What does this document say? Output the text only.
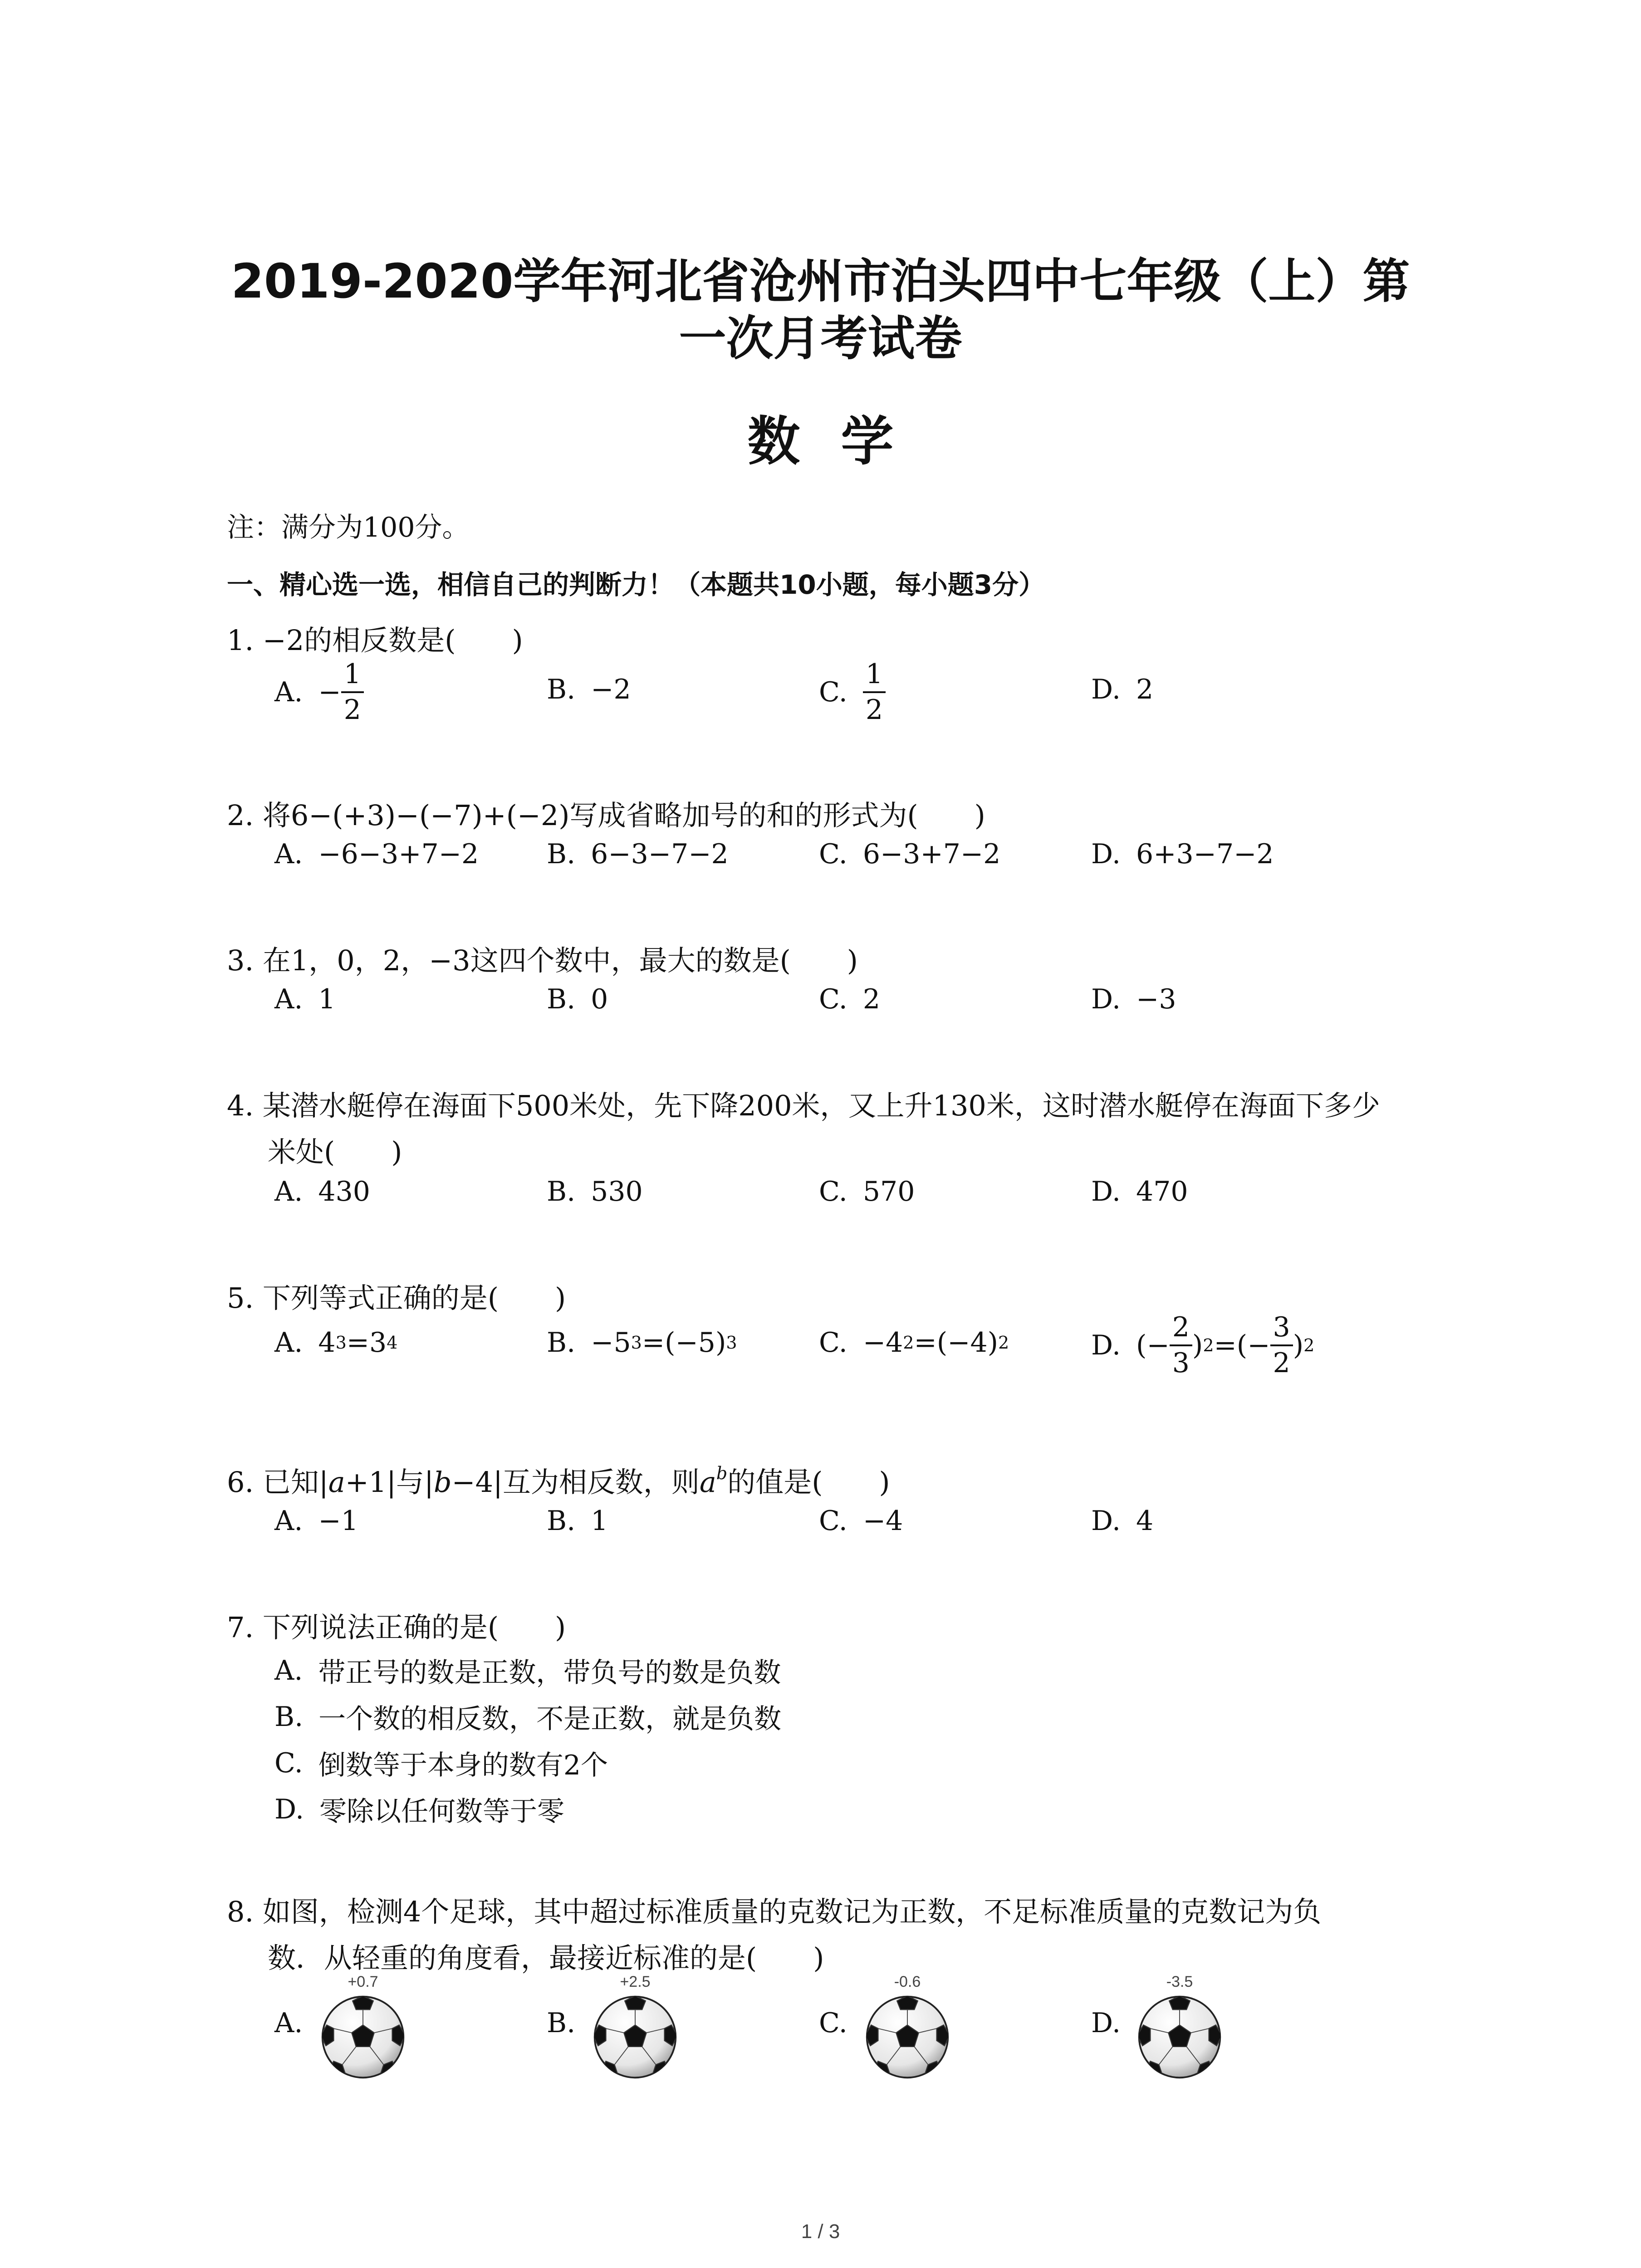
2019-2020学年河北省沧州市泊头四中七年级（上）第
一次月考试卷
数学
注：满分为100分。
一、精心选一选，相信自己的判断力！（本题共10小题，每小题3分）
1. −2的相反数是(　　)
A. − $\frac{1}{2}$	B. −2	C. $\frac{1}{2}$	D. 2
2. 将6−(+3)−(−7)+(−2)写成省略加号的和的形式为(　　)
A. −6−3+7−2 B. 6−3−7−2	C. 6−3+7−2	D. 6+3−7−2
3. 在1，0，2，−3这四个数中，最大的数是(　　)
A. 1	B. 0	C. 2	D. −3
4. 某潜水艇停在海面下500米处，先下降200米，又上升130米，这时潜水艇停在海面下多少
米处(　　)
A. 430	B. 530	C. 570	D. 470
5. 下列等式正确的是(　　)
A. 4 3 =3 4	B. −5 3 =(−5) 3	C. −4 2 =(−4) 2	D. (− $\frac{2}{3}$ ) 2 =(− $\frac{3}{2}$ ) 2
6. 已知|a+1|与|b−4|互为相反数，则$a^b$的值是(　　)
A. −1	B. 1	C. −4	D. 4
7. 下列说法正确的是(　　)
A. 带正号的数是正数，带负号的数是负数
B. 一个数的相反数，不是正数，就是负数
C. 倒数等于本身的数有2个
D. 零除以任何数等于零
8. 如图，检测4个足球，其中超过标准质量的克数记为正数，不足标准质量的克数记为负
数．从轻重的角度看，最接近标准的是(　　)
A.
+0.7
B.
+2.5
C.
-0.6
D.
-3.5
1 / 3
